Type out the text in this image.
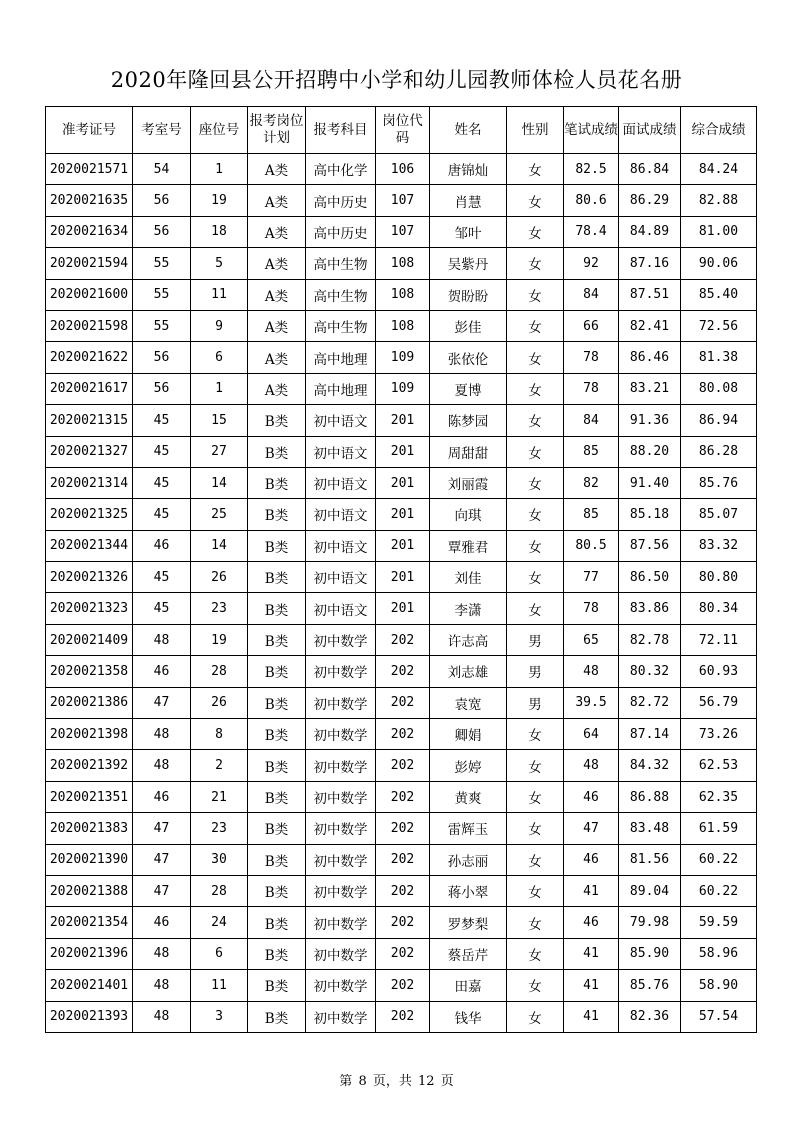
2020年隆回县公开招聘中小学和幼儿园教师体检人员花名册
准考证号	考室号	座位号	报考岗位计划	报考科目	岗位代码	姓名	性别	笔试成绩	面试成绩	综合成绩
2020021571	54	1	A类	高中化学	106	唐锦灿	女	82.5	86.84	84.24
2020021635	56	19	A类	高中历史	107	肖慧	女	80.6	86.29	82.88
2020021634	56	18	A类	高中历史	107	邹叶	女	78.4	84.89	81.00
2020021594	55	5	A类	高中生物	108	吴紫丹	女	92	87.16	90.06
2020021600	55	11	A类	高中生物	108	贺盼盼	女	84	87.51	85.40
2020021598	55	9	A类	高中生物	108	彭佳	女	66	82.41	72.56
2020021622	56	6	A类	高中地理	109	张依伦	女	78	86.46	81.38
2020021617	56	1	A类	高中地理	109	夏博	女	78	83.21	80.08
2020021315	45	15	B类	初中语文	201	陈梦园	女	84	91.36	86.94
2020021327	45	27	B类	初中语文	201	周甜甜	女	85	88.20	86.28
2020021314	45	14	B类	初中语文	201	刘丽霞	女	82	91.40	85.76
2020021325	45	25	B类	初中语文	201	向琪	女	85	85.18	85.07
2020021344	46	14	B类	初中语文	201	覃雅君	女	80.5	87.56	83.32
2020021326	45	26	B类	初中语文	201	刘佳	女	77	86.50	80.80
2020021323	45	23	B类	初中语文	201	李潇	女	78	83.86	80.34
2020021409	48	19	B类	初中数学	202	许志高	男	65	82.78	72.11
2020021358	46	28	B类	初中数学	202	刘志雄	男	48	80.32	60.93
2020021386	47	26	B类	初中数学	202	袁宽	男	39.5	82.72	56.79
2020021398	48	8	B类	初中数学	202	卿娟	女	64	87.14	73.26
2020021392	48	2	B类	初中数学	202	彭婷	女	48	84.32	62.53
2020021351	46	21	B类	初中数学	202	黄爽	女	46	86.88	62.35
2020021383	47	23	B类	初中数学	202	雷辉玉	女	47	83.48	61.59
2020021390	47	30	B类	初中数学	202	孙志丽	女	46	81.56	60.22
2020021388	47	28	B类	初中数学	202	蒋小翠	女	41	89.04	60.22
2020021354	46	24	B类	初中数学	202	罗梦梨	女	46	79.98	59.59
2020021396	48	6	B类	初中数学	202	蔡岳芹	女	41	85.90	58.96
2020021401	48	11	B类	初中数学	202	田嘉	女	41	85.76	58.90
2020021393	48	3	B类	初中数学	202	钱华	女	41	82.36	57.54
第 8 页，共 12 页
